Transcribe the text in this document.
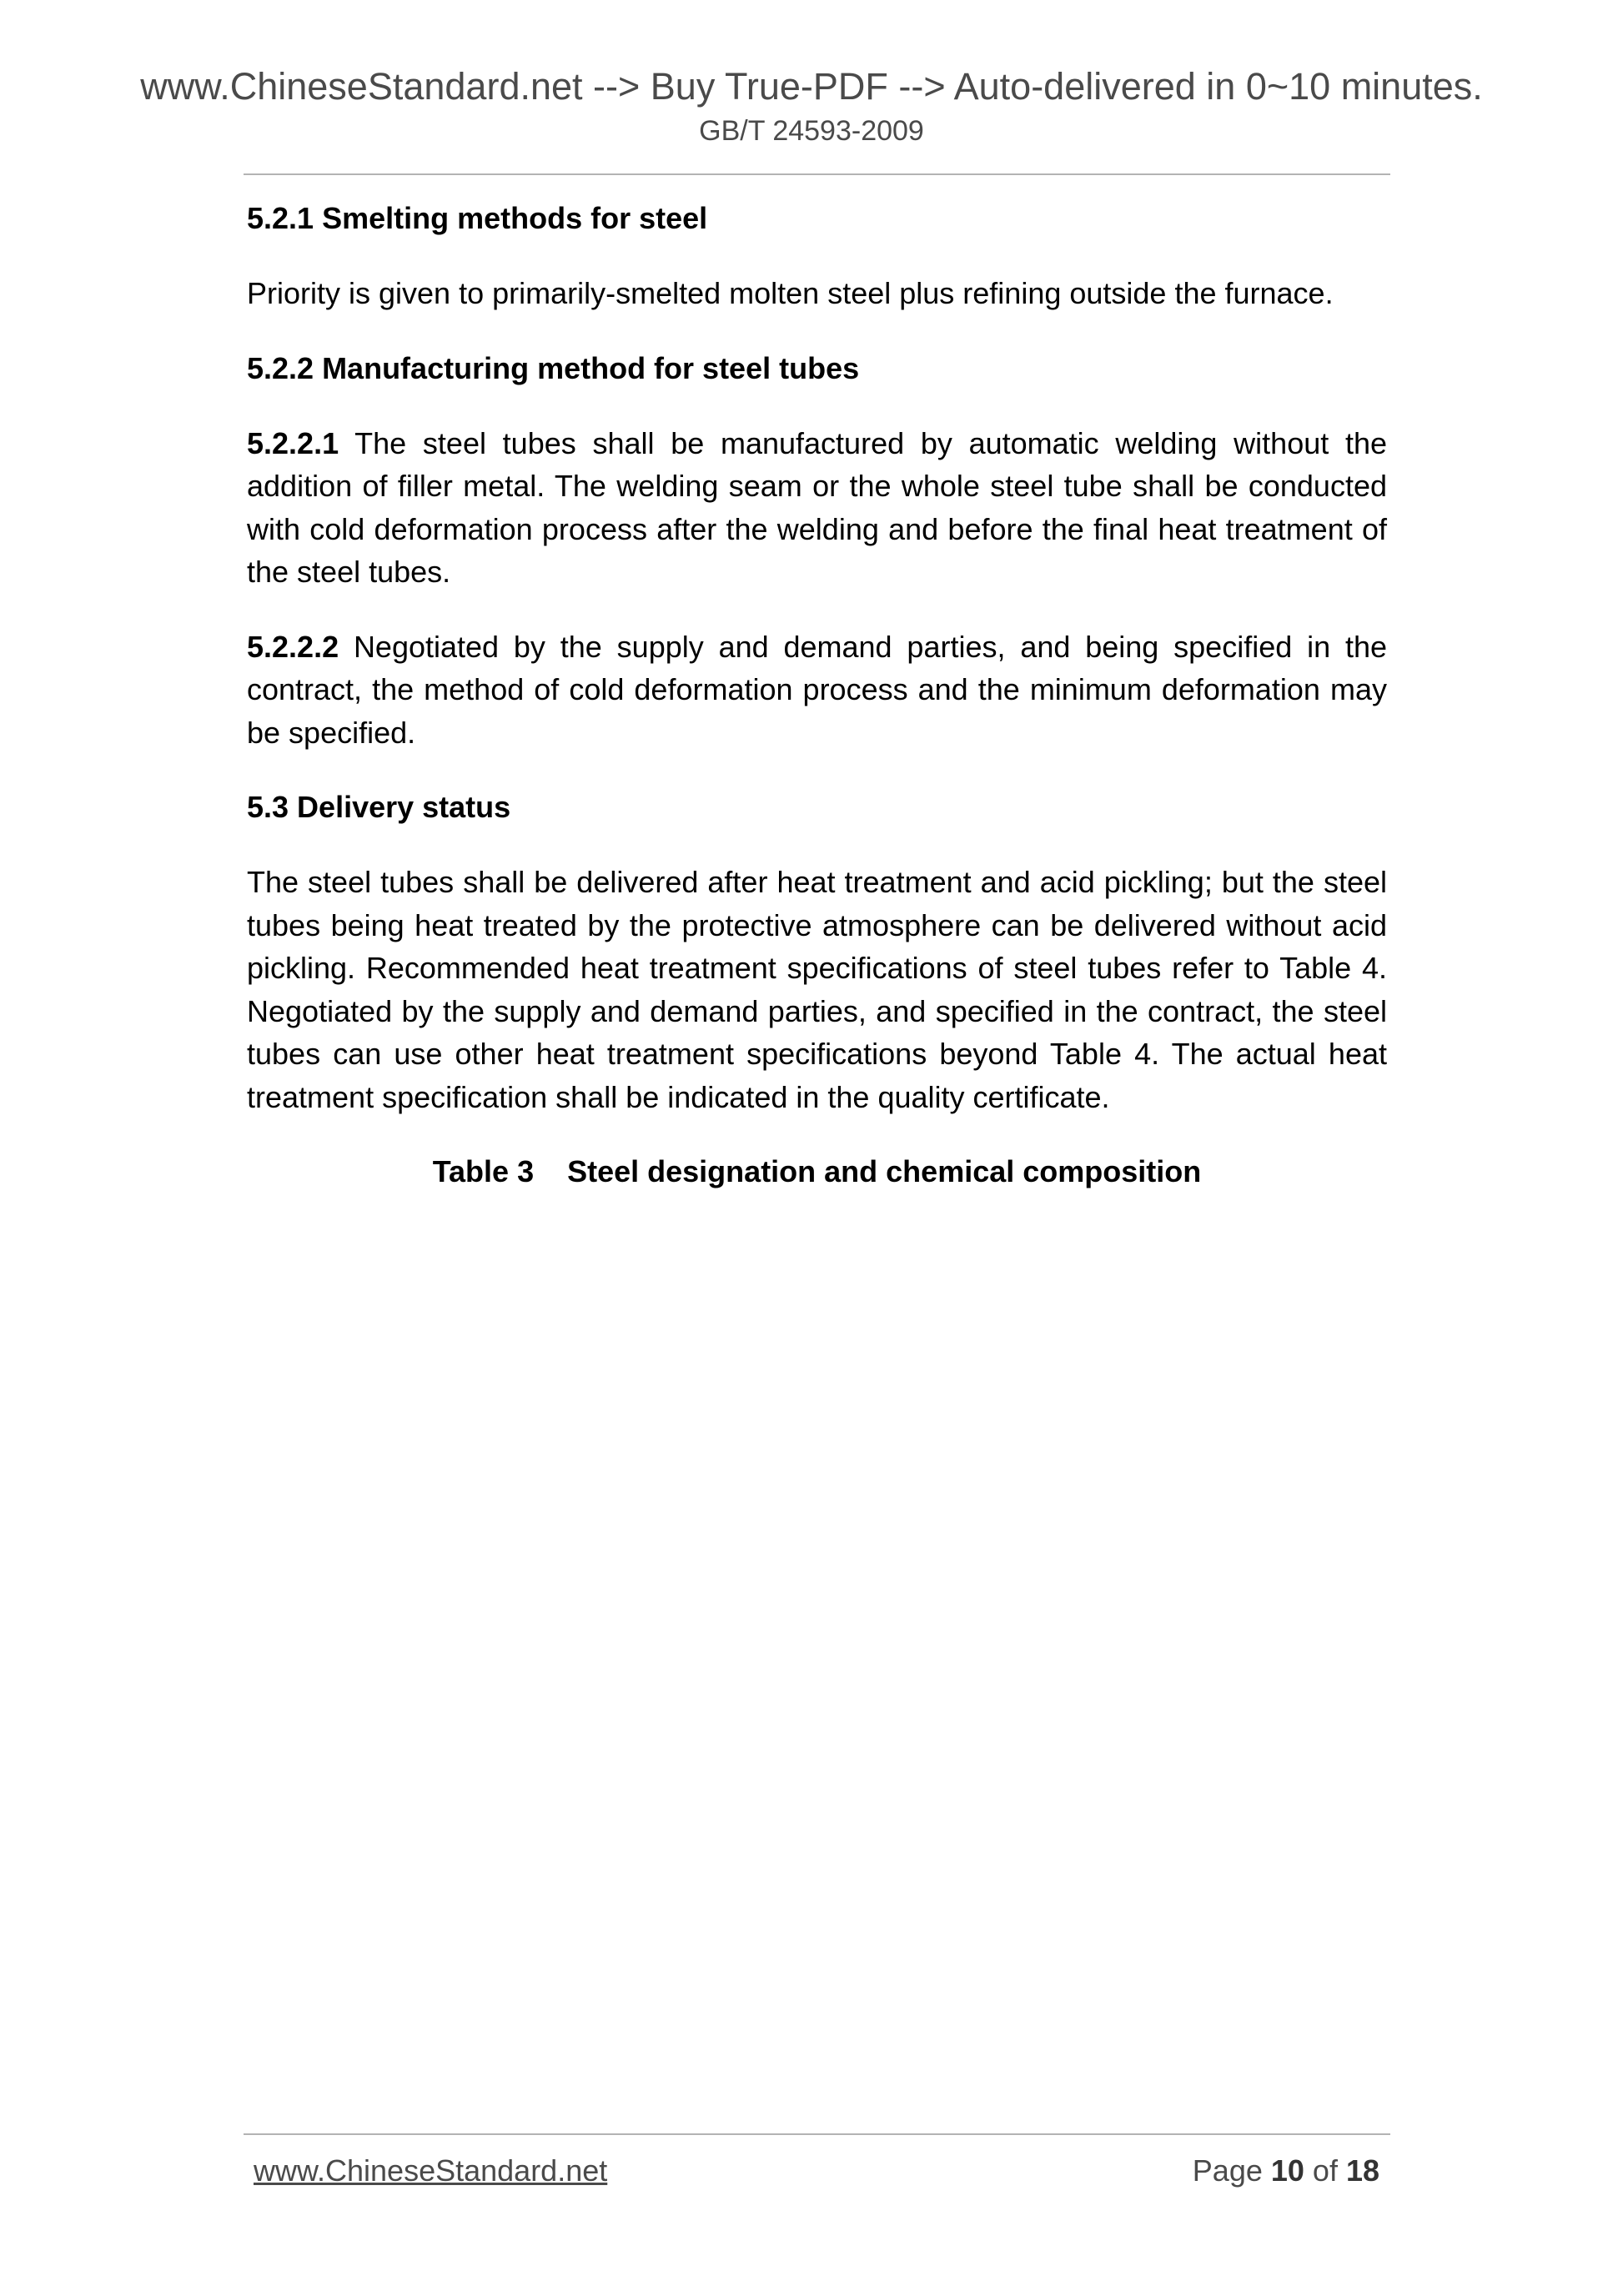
www.ChineseStandard.net --> Buy True-PDF --> Auto-delivered in 0~10 minutes.
GB/T 24593-2009

5.2.1 Smelting methods for steel

Priority is given to primarily-smelted molten steel plus refining outside the furnace.

5.2.2 Manufacturing method for steel tubes

5.2.2.1 The steel tubes shall be manufactured by automatic welding without the addition of filler metal. The welding seam or the whole steel tube shall be conducted with cold deformation process after the welding and before the final heat treatment of the steel tubes.

5.2.2.2 Negotiated by the supply and demand parties, and being specified in the contract, the method of cold deformation process and the minimum deformation may be specified.

5.3 Delivery status

The steel tubes shall be delivered after heat treatment and acid pickling; but the steel tubes being heat treated by the protective atmosphere can be delivered without acid pickling. Recommended heat treatment specifications of steel tubes refer to Table 4. Negotiated by the supply and demand parties, and specified in the contract, the steel tubes can use other heat treatment specifications beyond Table 4. The actual heat treatment specification shall be indicated in the quality certificate.

Table 3    Steel designation and chemical composition

www.ChineseStandard.net	Page 10 of 18
